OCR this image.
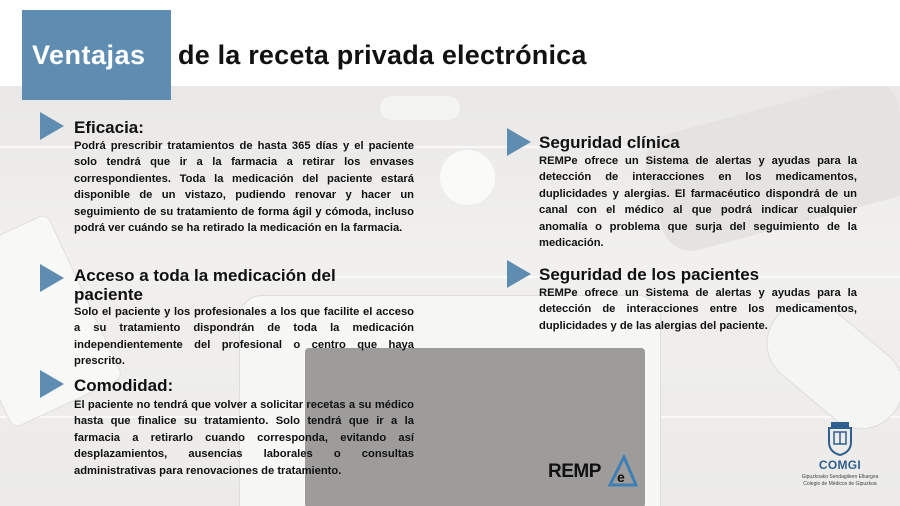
Ventajas de la receta privada electrónica
Eficacia:

Podrá prescribir tratamientos de hasta 365 días y el paciente solo tendrá que ir a la farmacia a retirar los envases correspondientes. Toda la medicación del paciente estará disponible de un vistazo, pudiendo renovar y hacer un seguimiento de su tratamiento de forma ágil y cómoda, incluso podrá ver cuándo se ha retirado la medicación en la farmacia.

Acceso a toda la medicación del paciente

Solo el paciente y los profesionales a los que facilite el acceso a su tratamiento dispondrán de toda la medicación independientemente del profesional o centro que haya prescrito.

Comodidad:

El paciente no tendrá que volver a solicitar recetas a su médico hasta que finalice su tratamiento. Solo tendrá que ir a la farmacia a retirarlo cuando corresponda, evitando así desplazamientos, ausencias laborales o consultas administrativas para renovaciones de tratamiento.

Seguridad clínica

REMPe ofrece un Sistema de alertas y ayudas para la detección de interacciones en los medicamentos, duplicidades y alergias. El farmacéutico dispondrá de un canal con el médico al que podrá indicar cualquier anomalía o problema que surja del seguimiento de la medicación.

Seguridad de los pacientes

REMPe ofrece un Sistema de alertas y ayudas para la detección de interacciones entre los medicamentos, duplicidades y de las alergias del paciente.

REMP e
COMGI
Gipuzkoako Sendagileen Elkargoa
Colegio de Médicos de Gipuzkoa
